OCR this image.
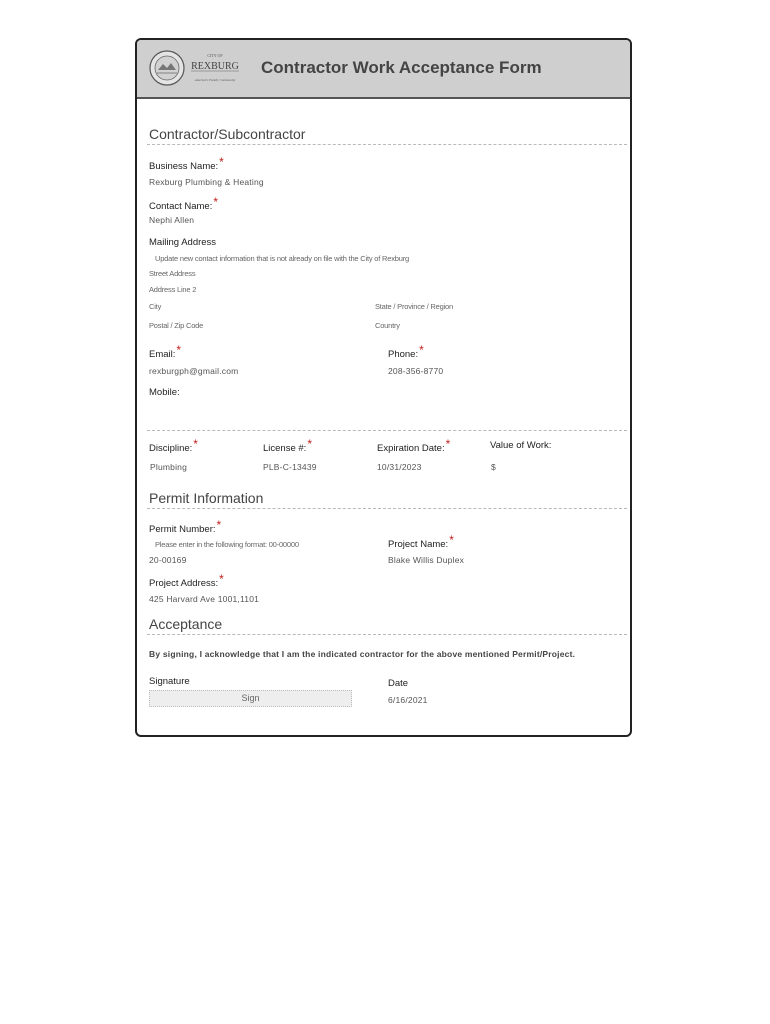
CITY OF
REXBURG
America's Family Community
Contractor Work Acceptance Form
Contractor/Subcontractor
Business Name:*
Rexburg Plumbing & Heating
Contact Name:*
Nephi Allen
Mailing Address
Update new contact information that is not already on file with the City of Rexburg
Street Address
Address Line 2
City	State / Province / Region
Postal / Zip Code	Country
Email:*
rexburgph@gmail.com
Phone:*
208-356-8770
Mobile:
Discipline:*
Plumbing
License #:*
PLB-C-13439
Expiration Date:*
10/31/2023
Value of Work:
$
Permit Information
Permit Number:*
Please enter in the following format: 00-00000
20-00169
Project Name:*
Blake Willis Duplex
Project Address:*
425 Harvard Ave 1001,1101
Acceptance
By signing, I acknowledge that I am the indicated contractor for the above mentioned Permit/Project.
Signature
Sign
Date
6/16/2021
